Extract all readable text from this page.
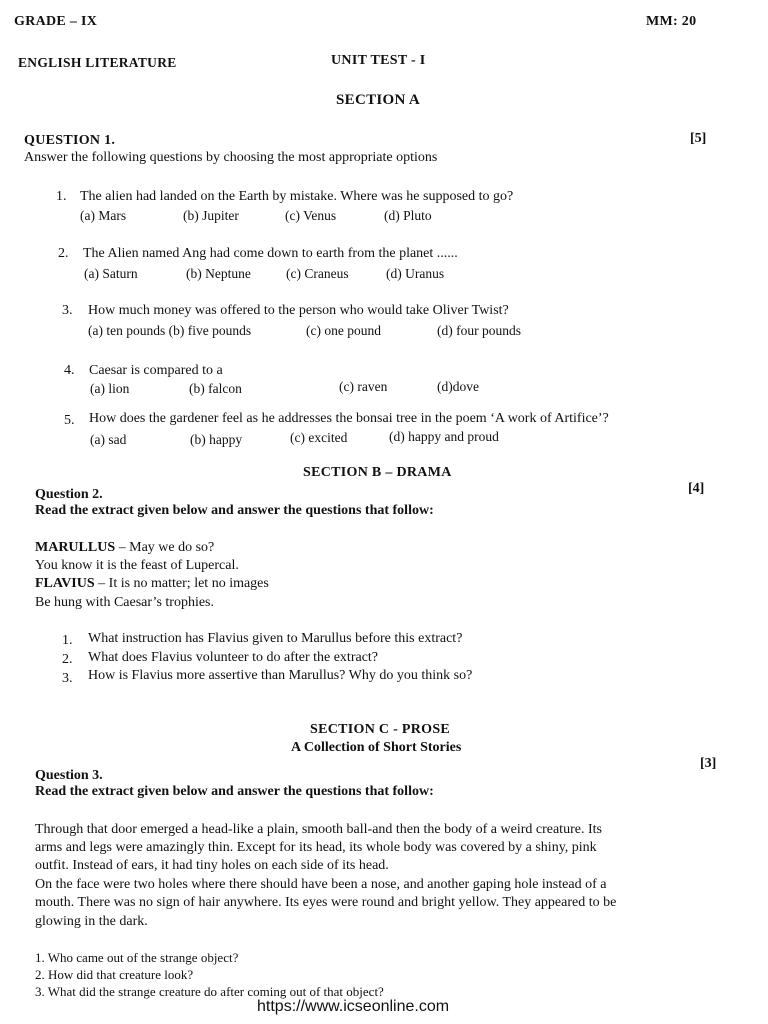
GRADE – IX	MM: 20
ENGLISH LITERATURE	UNIT TEST - I
SECTION A
QUESTION 1.	[5]
Answer the following questions by choosing the most appropriate options
1. The alien had landed on the Earth by mistake. Where was he supposed to go?
(a) Mars	(b) Jupiter	(c) Venus	(d) Pluto
2. The Alien named Ang had come down to earth from the planet ......
(a) Saturn	(b) Neptune	(c) Craneus	(d) Uranus
3. How much money was offered to the person who would take Oliver Twist?
(a) ten pounds (b) five pounds	(c) one pound	(d) four pounds
4. Caesar is compared to a
(a) lion	(b) falcon	(c) raven	(d)dove
5. How does the gardener feel as he addresses the bonsai tree in the poem ‘A work of Artifice’?
(a) sad	(b) happy	(c) excited	(d) happy and proud
SECTION B – DRAMA
Question 2.	[4]
Read the extract given below and answer the questions that follow:
MARULLUS – May we do so?
You know it is the feast of Lupercal.
FLAVIUS – It is no matter; let no images
Be hung with Caesar’s trophies.
1. What instruction has Flavius given to Marullus before this extract?
2. What does Flavius volunteer to do after the extract?
3. How is Flavius more assertive than Marullus? Why do you think so?
SECTION C - PROSE
A Collection of Short Stories
[3]
Question 3.
Read the extract given below and answer the questions that follow:
Through that door emerged a head-like a plain, smooth ball-and then the body of a weird creature. Its
arms and legs were amazingly thin. Except for its head, its whole body was covered by a shiny, pink
outfit. Instead of ears, it had tiny holes on each side of its head.
On the face were two holes where there should have been a nose, and another gaping hole instead of a
mouth. There was no sign of hair anywhere. Its eyes were round and bright yellow. They appeared to be
glowing in the dark.
1. Who came out of the strange object?
2. How did that creature look?
3. What did the strange creature do after coming out of that object?
https://www.icseonline.com
